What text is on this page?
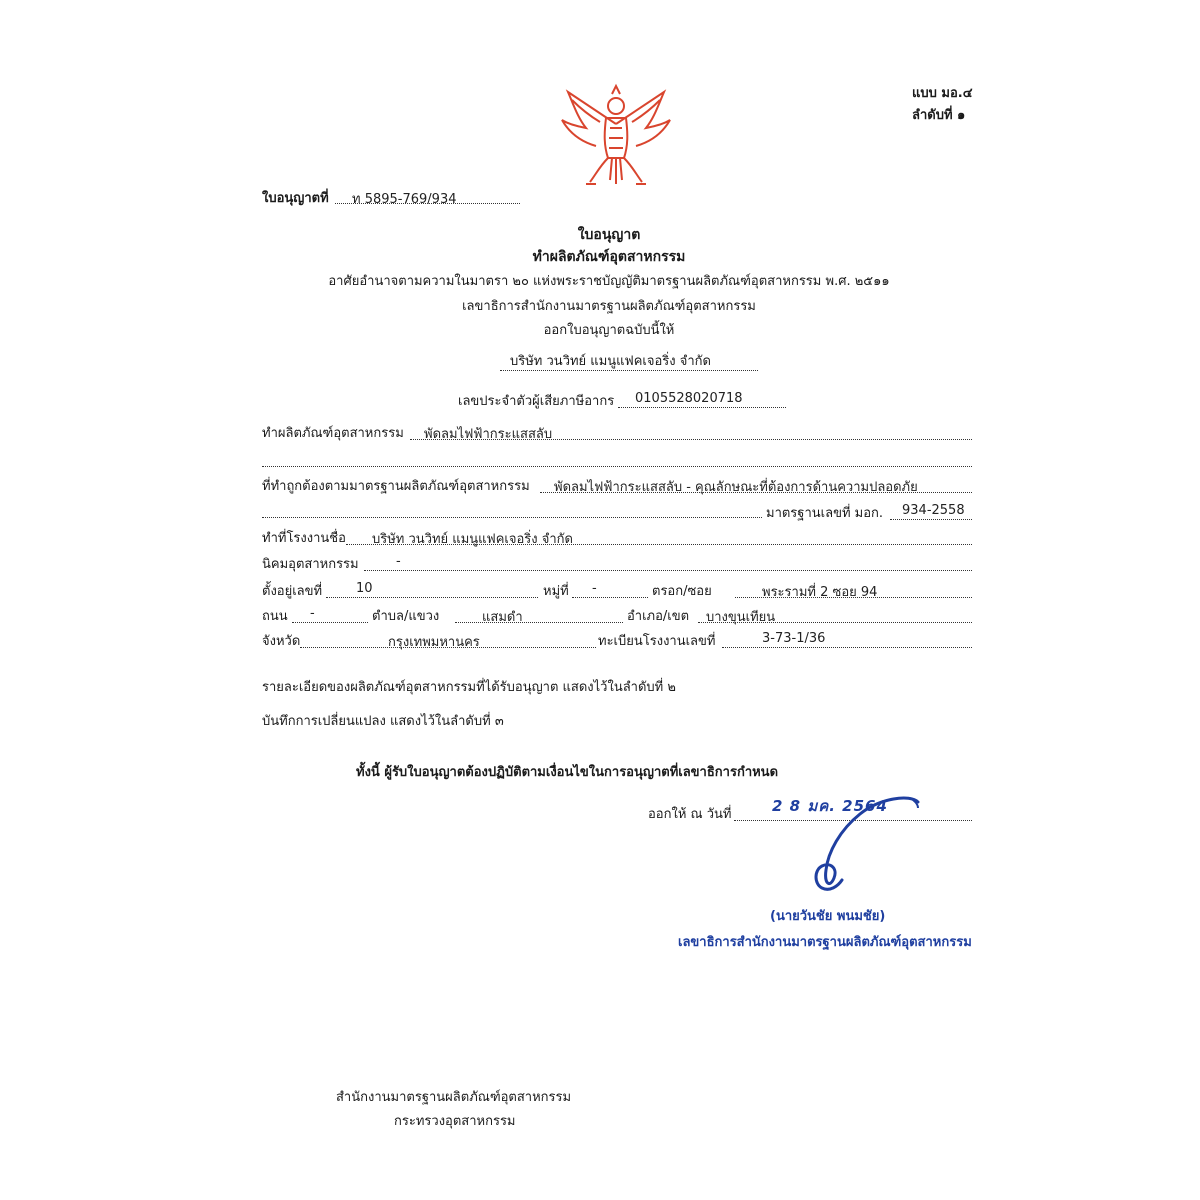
แบบ มอ.๔
ลำดับที่ ๑
ใบอนุญาตที่ ท 5895-769/934
ใบอนุญาต
ทำผลิตภัณฑ์อุตสาหกรรม
อาศัยอำนาจตามความในมาตรา ๒๐ แห่งพระราชบัญญัติมาตรฐานผลิตภัณฑ์อุตสาหกรรม พ.ศ. ๒๕๑๑
เลขาธิการสำนักงานมาตรฐานผลิตภัณฑ์อุตสาหกรรม
ออกใบอนุญาตฉบับนี้ให้
บริษัท วนวิทย์ แมนูแฟคเจอริ่ง จำกัด
เลขประจำตัวผู้เสียภาษีอากร 0105528020718
ทำผลิตภัณฑ์อุตสาหกรรม พัดลมไฟฟ้ากระแสสลับ
ที่ทำถูกต้องตามมาตรฐานผลิตภัณฑ์อุตสาหกรรม พัดลมไฟฟ้ากระแสสลับ - คุณลักษณะที่ต้องการด้านความปลอดภัย
มาตรฐานเลขที่ มอก. 934-2558
ทำที่โรงงานชื่อ บริษัท วนวิทย์ แมนูแฟคเจอริ่ง จำกัด
นิคมอุตสาหกรรม	-
ตั้งอยู่เลขที่	10	หมู่ที่ -	ตรอก/ซอย	พระรามที่ 2 ซอย 94
ถนน -	ตำบล/แขวง	แสมดำ	อำเภอ/เขต บางขุนเทียน
จังหวัด	กรุงเทพมหานคร	ทะเบียนโรงงานเลขที่	3-73-1/36
รายละเอียดของผลิตภัณฑ์อุตสาหกรรมที่ได้รับอนุญาต แสดงไว้ในลำดับที่ ๒
บันทึกการเปลี่ยนแปลง แสดงไว้ในลำดับที่ ๓
ทั้งนี้ ผู้รับใบอนุญาตต้องปฏิบัติตามเงื่อนไขในการอนุญาตที่เลขาธิการกำหนด
ออกให้ ณ วันที่	2 8 มค. 2564
(นายวันชัย พนมชัย)
เลขาธิการสำนักงานมาตรฐานผลิตภัณฑ์อุตสาหกรรม
สำนักงานมาตรฐานผลิตภัณฑ์อุตสาหกรรม
กระทรวงอุตสาหกรรม
